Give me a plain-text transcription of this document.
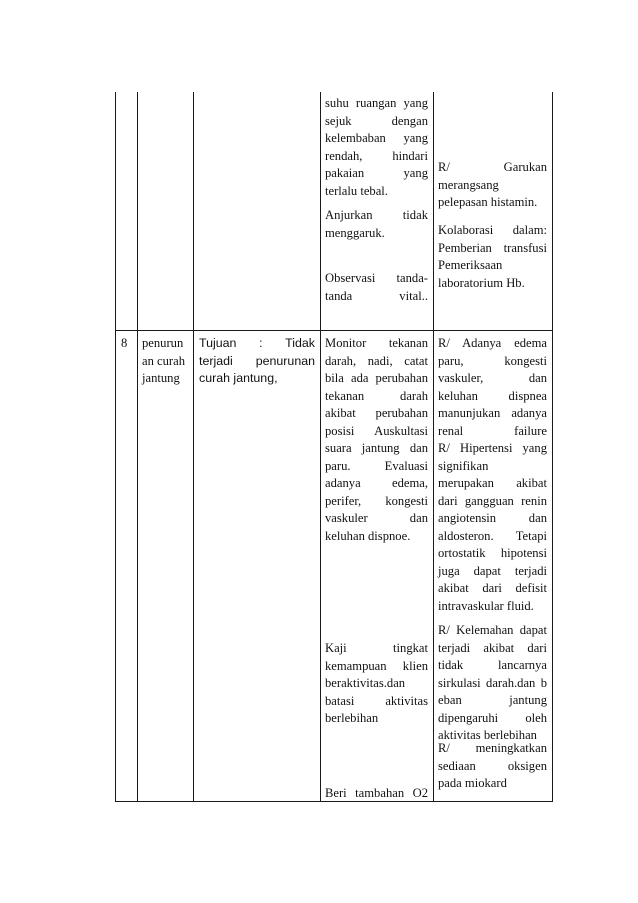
suhu ruangan yang
sejuk dengan
kelembaban yang
rendah, hindari
pakaian yang
terlalu tebal.
Anjurkan tidak
menggaruk.
Observasi tanda-
tanda vital..
R/ Garukan
merangsang
pelepasan histamin.
Kolaborasi dalam:
Pemberian transfusi
Pemeriksaan
laboratorium Hb.
8 penurun
an curah
jantung
Tujuan : Tidak
terjadi penurunan
curah jantung,
Monitor tekanan
darah, nadi, catat
bila ada perubahan
tekanan darah
akibat perubahan
posisi Auskultasi
suara jantung dan
paru. Evaluasi
adanya edema,
perifer, kongesti
vaskuler dan
keluhan dispnoe.
Kaji tingkat
kemampuan klien
beraktivitas.dan
batasi aktivitas
berlebihan
Beri tambahan O2
R/ Adanya edema
paru, kongesti
vaskuler, dan
keluhan dispnea
manunjukan adanya
renal failure
R/ Hipertensi yang
signifikan
merupakan akibat
dari gangguan renin
angiotensin dan
aldosteron. Tetapi
ortostatik hipotensi
juga dapat terjadi
akibat dari defisit
intravaskular fluid.
R/ Kelemahan dapat
terjadi akibat dari
tidak lancarnya
sirkulasi darah.dan b
eban jantung
dipengaruhi oleh
aktivitas berlebihan
R/ meningkatkan
sediaan oksigen
pada miokard
